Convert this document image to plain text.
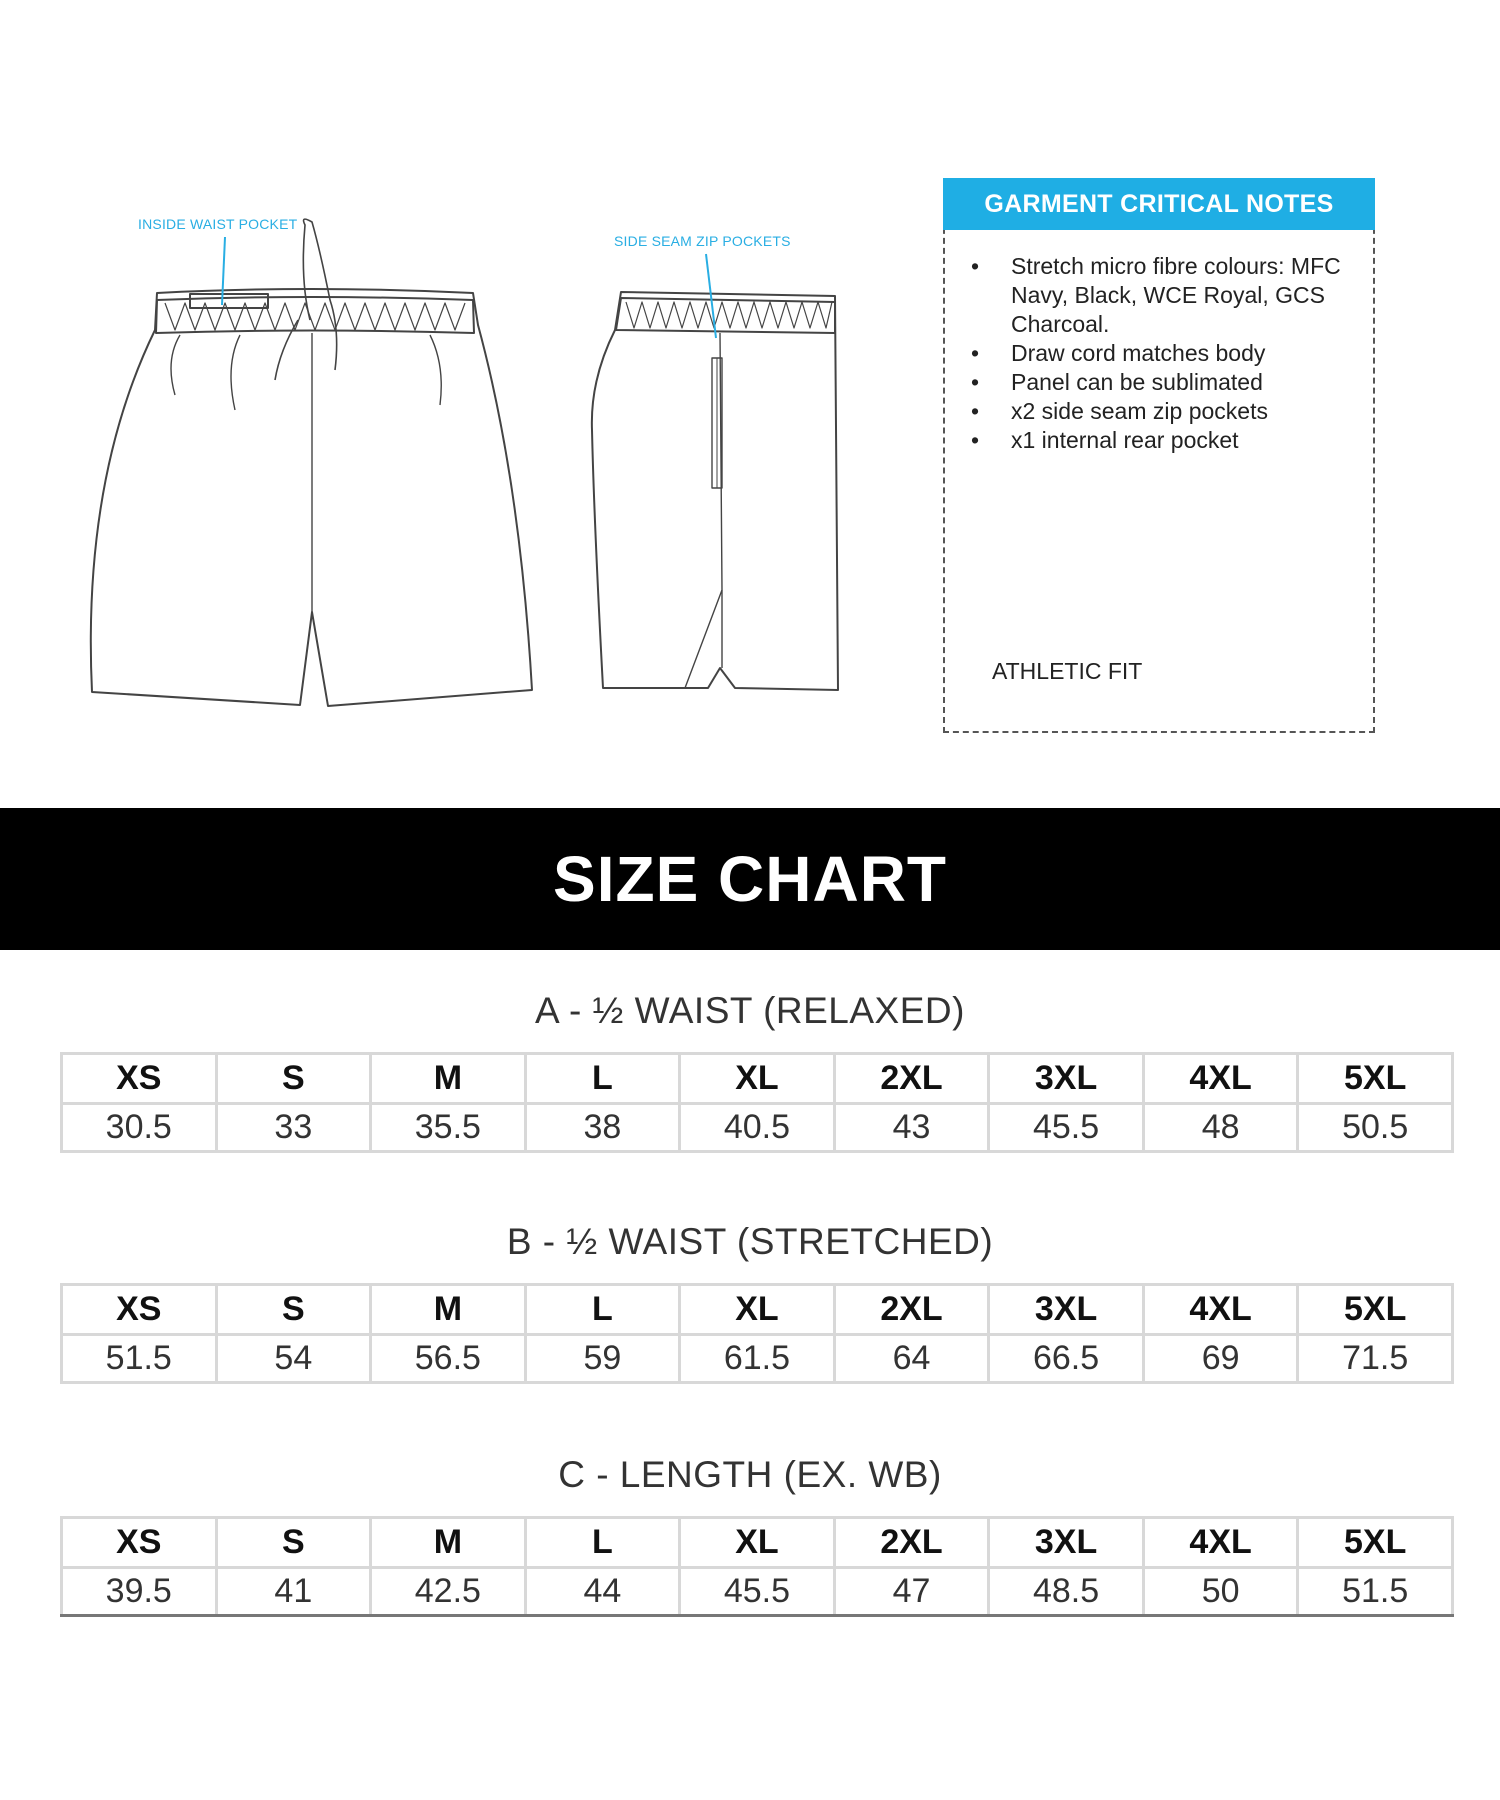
INSIDE WAIST POCKET
SIDE SEAM ZIP POCKETS
GARMENT CRITICAL NOTES
• Stretch micro fibre colours: MFC Navy, Black, WCE Royal, GCS Charcoal.
• Draw cord matches body
• Panel can be sublimated
• x2 side seam zip pockets
• x1 internal rear pocket
ATHLETIC FIT
SIZE CHART
A - ½ WAIST (RELAXED)
XS	S	M	L	XL	2XL	3XL	4XL	5XL
30.5	33	35.5	38	40.5	43	45.5	48	50.5
B - ½ WAIST (STRETCHED)
XS	S	M	L	XL	2XL	3XL	4XL	5XL
51.5	54	56.5	59	61.5	64	66.5	69	71.5
C - LENGTH (EX. WB)
XS	S	M	L	XL	2XL	3XL	4XL	5XL
39.5	41	42.5	44	45.5	47	48.5	50	51.5
